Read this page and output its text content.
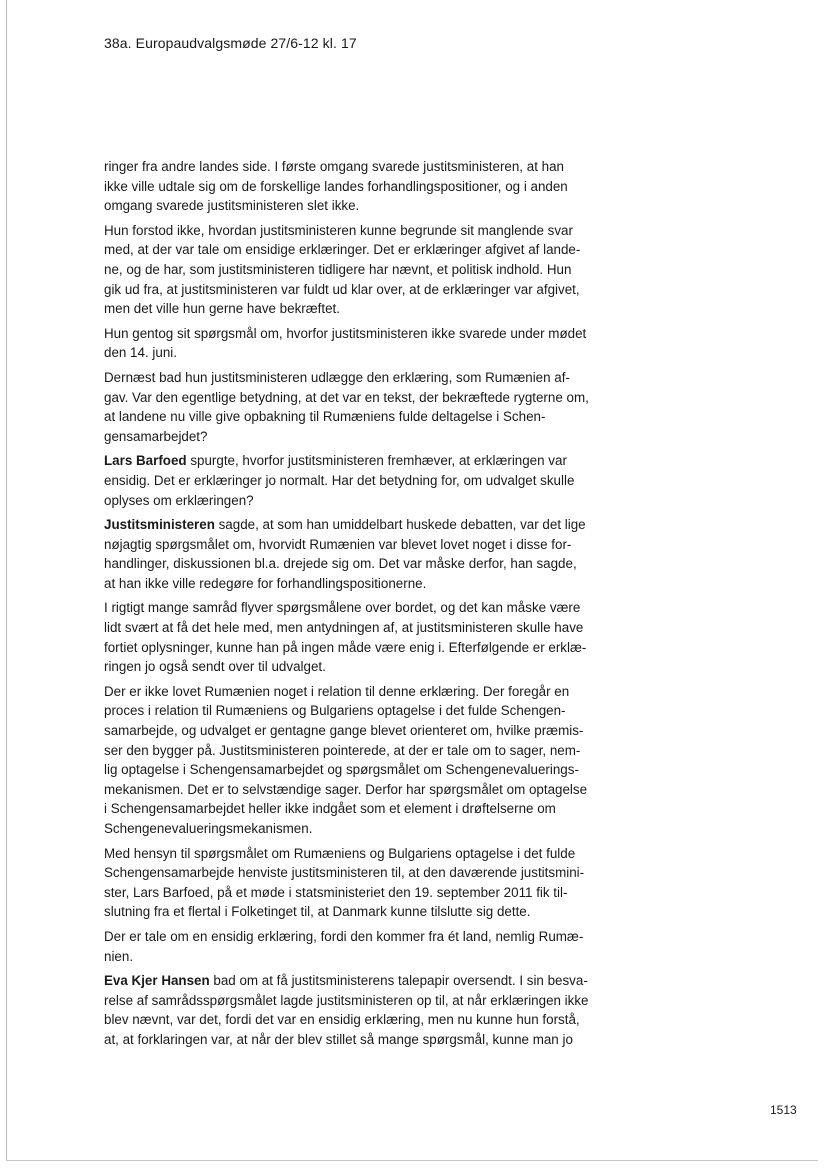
38a. Europaudvalgsmøde 27/6-12 kl. 17

ringer fra andre landes side. I første omgang svarede justitsministeren, at han ikke ville udtale sig om de forskellige landes forhandlingspositioner, og i anden omgang svarede justitsministeren slet ikke.

Hun forstod ikke, hvordan justitsministeren kunne begrunde sit manglende svar med, at der var tale om ensidige erklæringer. Det er erklæringer afgivet af lande-ne, og de har, som justitsministeren tidligere har nævnt, et politisk indhold. Hun gik ud fra, at justitsministeren var fuldt ud klar over, at de erklæringer var afgivet, men det ville hun gerne have bekræftet.

Hun gentog sit spørgsmål om, hvorfor justitsministeren ikke svarede under mødet den 14. juni.

Dernæst bad hun justitsministeren udlægge den erklæring, som Rumænien af-gav. Var den egentlige betydning, at det var en tekst, der bekræftede rygterne om, at landene nu ville give opbakning til Rumæniens fulde deltagelse i Schen-gensamarbejdet?

Lars Barfoed spurgte, hvorfor justitsministeren fremhæver, at erklæringen var ensidig. Det er erklæringer jo normalt. Har det betydning for, om udvalget skulle oplyses om erklæringen?

Justitsministeren sagde, at som han umiddelbart huskede debatten, var det lige nøjagtig spørgsmålet om, hvorvidt Rumænien var blevet lovet noget i disse for-handlinger, diskussionen bl.a. drejede sig om. Det var måske derfor, han sagde, at han ikke ville redegøre for forhandlingspositionerne.

I rigtigt mange samråd flyver spørgsmålene over bordet, og det kan måske være lidt svært at få det hele med, men antydningen af, at justitsministeren skulle have fortiet oplysninger, kunne han på ingen måde være enig i. Efterfølgende er erklæ-ringen jo også sendt over til udvalget.

Der er ikke lovet Rumænien noget i relation til denne erklæring. Der foregår en proces i relation til Rumæniens og Bulgariens optagelse i det fulde Schengen-samarbejde, og udvalget er gentagne gange blevet orienteret om, hvilke præmis-ser den bygger på. Justitsministeren pointerede, at der er tale om to sager, nem-lig optagelse i Schengensamarbejdet og spørgsmålet om Schengenevaluerings-mekanismen. Det er to selvstændige sager. Derfor har spørgsmålet om optagelse i Schengensamarbejdet heller ikke indgået som et element i drøftelserne om Schengenevalueringsmekanismen.

Med hensyn til spørgsmålet om Rumæniens og Bulgariens optagelse i det fulde Schengensamarbejde henviste justitsministeren til, at den daværende justitsmini-ster, Lars Barfoed, på et møde i statsministeriet den 19. september 2011 fik til-slutning fra et flertal i Folketinget til, at Danmark kunne tilslutte sig dette.

Der er tale om en ensidig erklæring, fordi den kommer fra ét land, nemlig Rumæ-nien.

Eva Kjer Hansen bad om at få justitsministerens talepapir oversendt. I sin besva-relse af samrådsspørgsmålet lagde justitsministeren op til, at når erklæringen ikke blev nævnt, var det, fordi det var en ensidig erklæring, men nu kunne hun forstå, at, at forklaringen var, at når der blev stillet så mange spørgsmål, kunne man jo

1513
